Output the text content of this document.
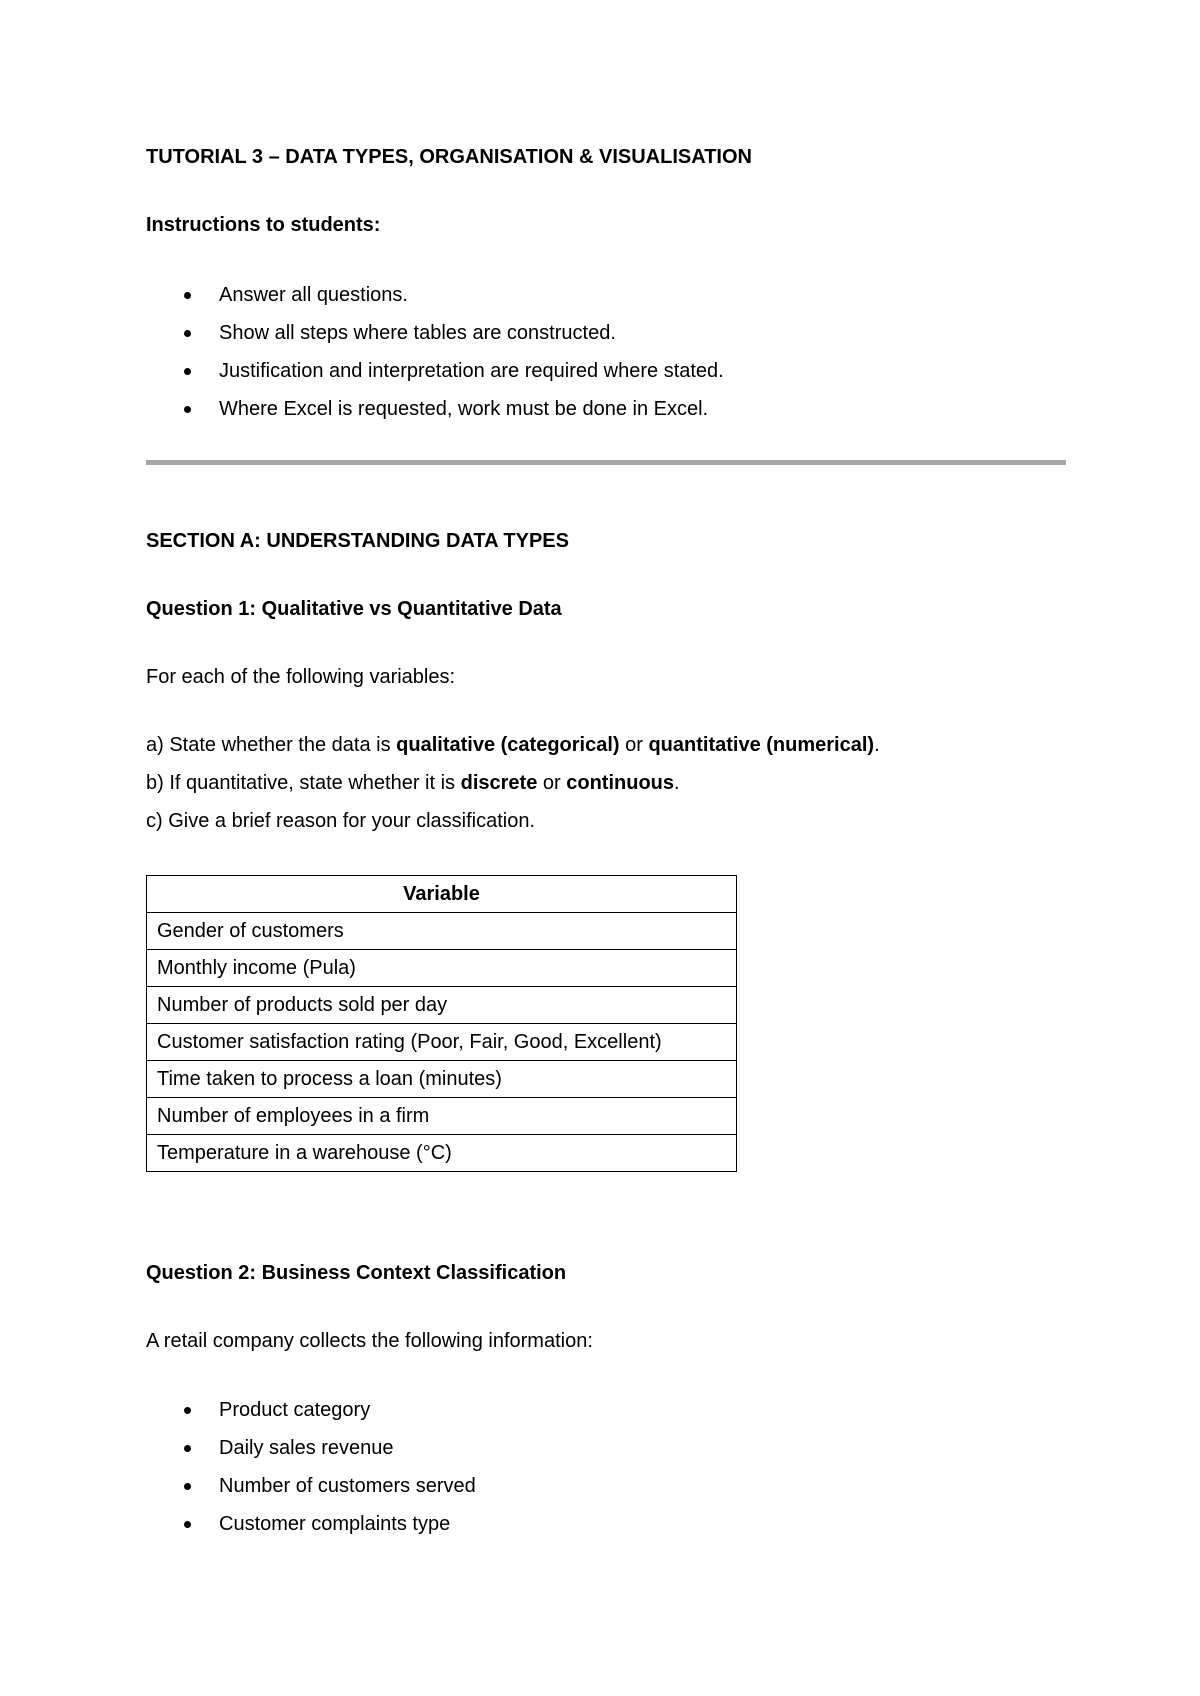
TUTORIAL 3 – DATA TYPES, ORGANISATION & VISUALISATION
Instructions to students:
Answer all questions.
Show all steps where tables are constructed.
Justification and interpretation are required where stated.
Where Excel is requested, work must be done in Excel.
SECTION A: UNDERSTANDING DATA TYPES
Question 1: Qualitative vs Quantitative Data
For each of the following variables:
a) State whether the data is qualitative (categorical) or quantitative (numerical).
b) If quantitative, state whether it is discrete or continuous.
c) Give a brief reason for your classification.
Variable
Gender of customers
Monthly income (Pula)
Number of products sold per day
Customer satisfaction rating (Poor, Fair, Good, Excellent)
Time taken to process a loan (minutes)
Number of employees in a firm
Temperature in a warehouse (°C)
Question 2: Business Context Classification
A retail company collects the following information:
Product category
Daily sales revenue
Number of customers served
Customer complaints type
